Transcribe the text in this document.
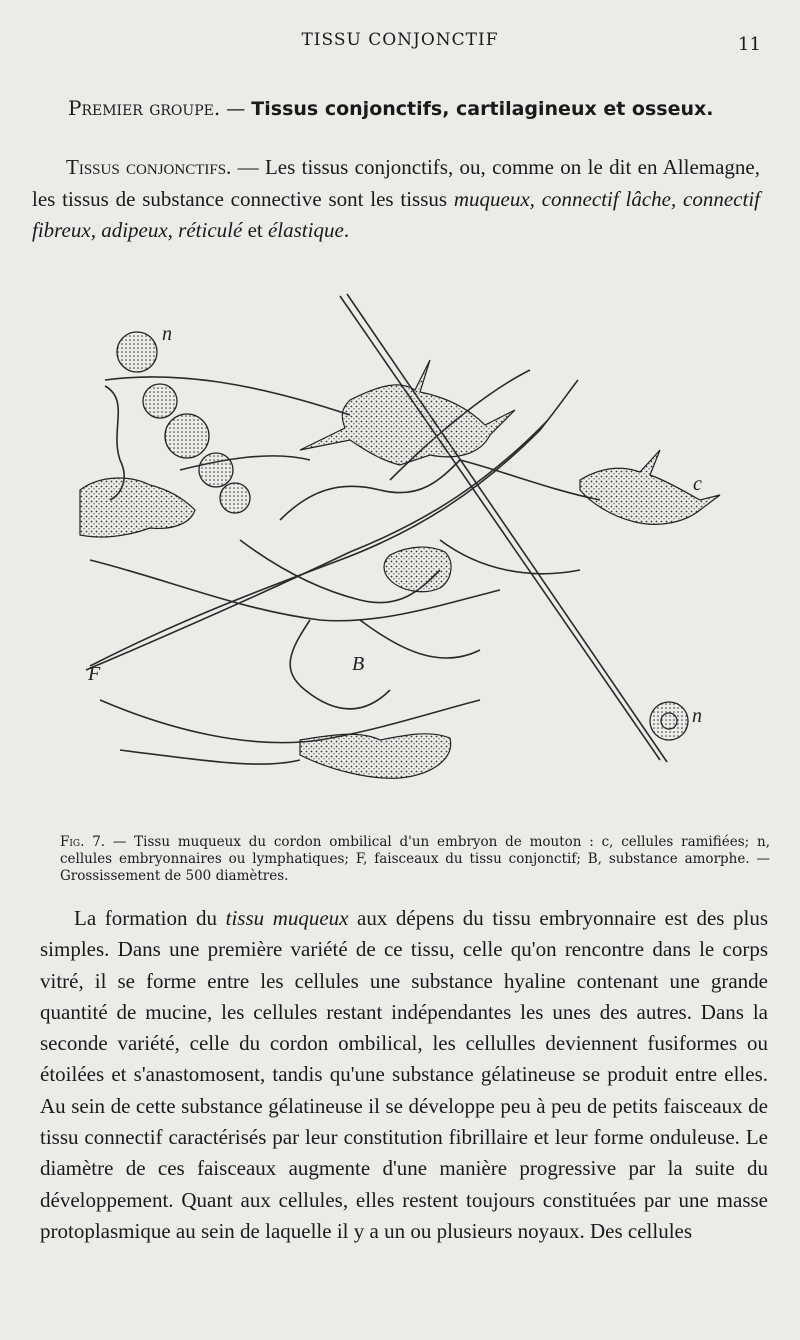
TISSU CONJONCTIF	11
Premier groupe. — Tissus conjonctifs, cartilagineux et osseux.
Tissus conjonctifs. — Les tissus conjonctifs, ou, comme on le dit en Allemagne, les tissus de substance connective sont les tissus muqueux, connectif lâche, connectif fibreux, adipeux, réticulé et élastique.
n
c
F	B
n
Fig. 7. — Tissu muqueux du cordon ombilical d'un embryon de mouton : c, cellules ramifiées; n, cellules embryonnaires ou lymphatiques; F, faisceaux du tissu conjonctif; B, substance amorphe. — Grossissement de 500 diamètres.
La formation du tissu muqueux aux dépens du tissu embryonnaire est des plus simples. Dans une première variété de ce tissu, celle qu'on rencontre dans le corps vitré, il se forme entre les cellules une substance hyaline contenant une grande quantité de mucine, les cellules restant indépendantes les unes des autres. Dans la seconde variété, celle du cordon ombilical, les cellulles deviennent fusiformes ou étoilées et s'anastomosent, tandis qu'une substance gélatineuse se produit entre elles. Au sein de cette substance gélatineuse il se développe peu à peu de petits faisceaux de tissu connectif caractérisés par leur constitution fibrillaire et leur forme onduleuse. Le diamètre de ces faisceaux augmente d'une manière progressive par la suite du développement. Quant aux cellules, elles restent toujours constituées par une masse protoplasmique au sein de laquelle il y a un ou plusieurs noyaux. Des cellules
